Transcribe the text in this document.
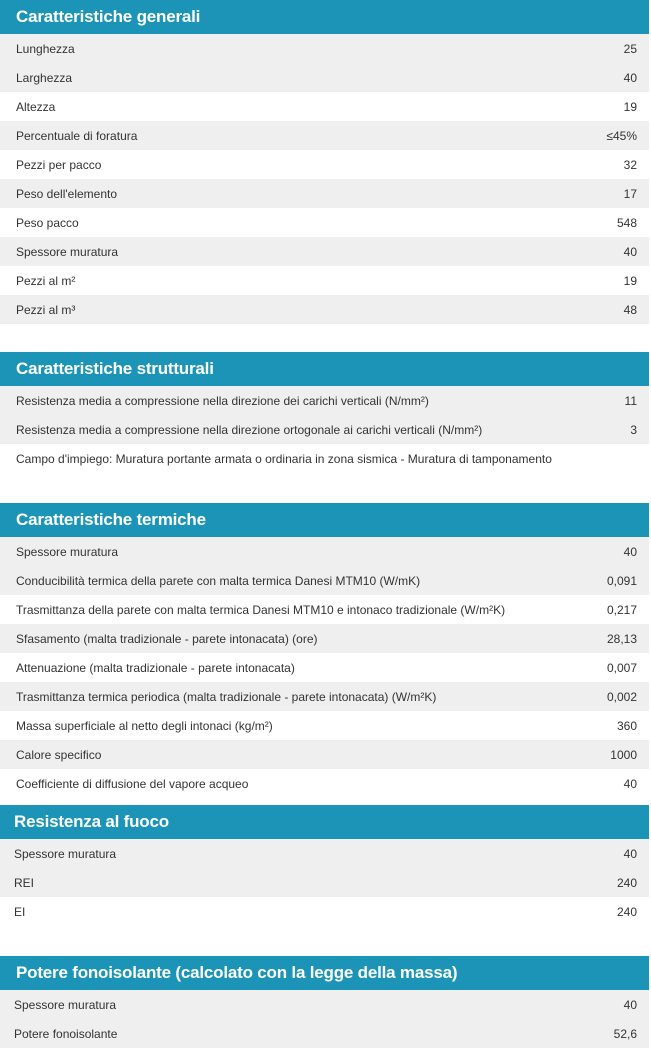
Caratteristiche generali
Lunghezza	25
Larghezza	40
Altezza	19
Percentuale di foratura	≤45%
Pezzi per pacco	32
Peso dell'elemento	17
Peso pacco	548
Spessore muratura	40
Pezzi al m²	19
Pezzi al m³	48
Caratteristiche strutturali
Resistenza media a compressione nella direzione dei carichi verticali (N/mm²)	11
Resistenza media a compressione nella direzione ortogonale ai carichi verticali (N/mm²)	3
Campo d'impiego: Muratura portante armata o ordinaria in zona sismica - Muratura di tamponamento
Caratteristiche termiche
Spessore muratura	40
Conducibilità termica della parete con malta termica Danesi MTM10 (W/mK)	0,091
Trasmittanza della parete con malta termica Danesi MTM10 e intonaco tradizionale (W/m²K)	0,217
Sfasamento (malta tradizionale - parete intonacata) (ore)	28,13
Attenuazione (malta tradizionale - parete intonacata)	0,007
Trasmittanza termica periodica (malta tradizionale - parete intonacata) (W/m²K)	0,002
Massa superficiale al netto degli intonaci (kg/m²)	360
Calore specifico	1000
Coefficiente di diffusione del vapore acqueo	40
Resistenza al fuoco
Spessore muratura	40
REI	240
EI	240
Potere fonoisolante (calcolato con la legge della massa)
Spessore muratura	40
Potere fonoisolante	52,6
